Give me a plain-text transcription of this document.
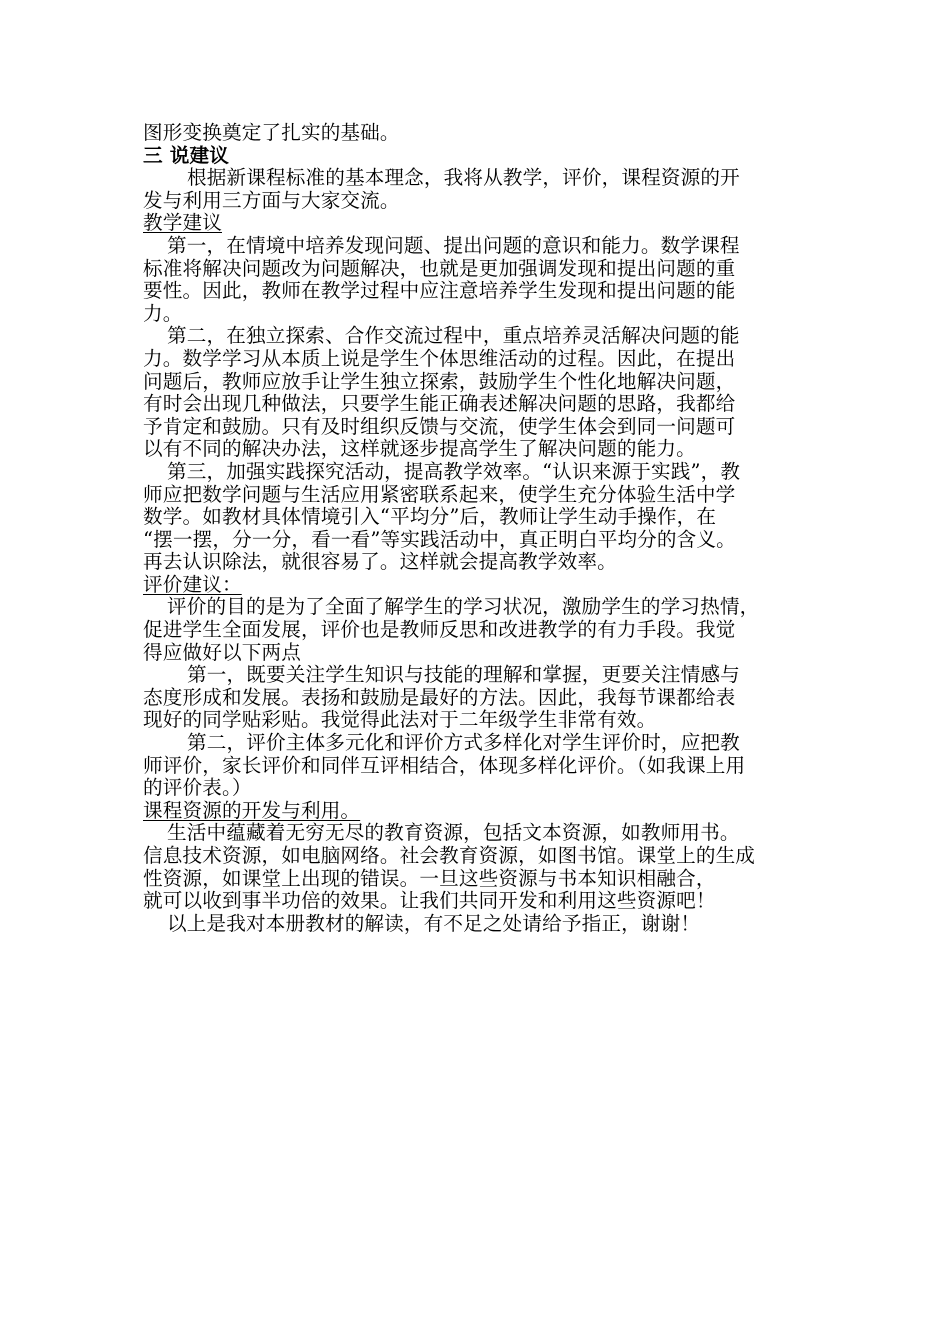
图形变换奠定了扎实的基础。
三 说建议
根据新课程标准的基本理念，我将从教学，评价，课程资源的开
发与利用三方面与大家交流。
教学建议
第一，在情境中培养发现问题、提出问题的意识和能力。数学课程
标准将解决问题改为问题解决，也就是更加强调发现和提出问题的重
要性。因此，教师在教学过程中应注意培养学生发现和提出问题的能
力。
第二，在独立探索、合作交流过程中，重点培养灵活解决问题的能
力。数学学习从本质上说是学生个体思维活动的过程。因此，在提出
问题后，教师应放手让学生独立探索，鼓励学生个性化地解决问题，
有时会出现几种做法，只要学生能正确表述解决问题的思路，我都给
予肯定和鼓励。只有及时组织反馈与交流，使学生体会到同一问题可
以有不同的解决办法，这样就逐步提高学生了解决问题的能力。
第三，加强实践探究活动，提高教学效率。“认识来源于实践”，教
师应把数学问题与生活应用紧密联系起来，使学生充分体验生活中学
数学。如教材具体情境引入“平均分”后，教师让学生动手操作，在
“摆一摆，分一分，看一看”等实践活动中，真正明白平均分的含义。
再去认识除法，就很容易了。这样就会提高教学效率。
评价建议：
评价的目的是为了全面了解学生的学习状况，激励学生的学习热情，
促进学生全面发展，评价也是教师反思和改进教学的有力手段。我觉
得应做好以下两点
第一，既要关注学生知识与技能的理解和掌握，更要关注情感与
态度形成和发展。表扬和鼓励是最好的方法。因此，我每节课都给表
现好的同学贴彩贴。我觉得此法对于二年级学生非常有效。
第二，评价主体多元化和评价方式多样化对学生评价时，应把教
师评价，家长评价和同伴互评相结合，体现多样化评价。（如我课上用
的评价表。）
课程资源的开发与利用。
生活中蕴藏着无穷无尽的教育资源，包括文本资源，如教师用书。
信息技术资源，如电脑网络。社会教育资源，如图书馆。课堂上的生成
性资源，如课堂上出现的错误。一旦这些资源与书本知识相融合，
就可以收到事半功倍的效果。让我们共同开发和利用这些资源吧！
以上是我对本册教材的解读，有不足之处请给予指正，谢谢！
